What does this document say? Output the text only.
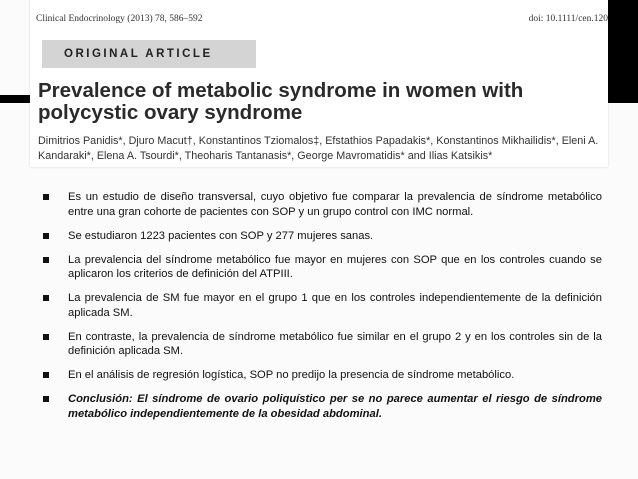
Clinical Endocrinology (2013) 78, 586–592	doi: 10.1111/cen.120
ORIGINAL ARTICLE
Prevalence of metabolic syndrome in women with polycystic ovary syndrome

Dimitrios Panidis*, Djuro Macut†, Konstantinos Tziomalos‡, Efstathios Papadakis*, Konstantinos Mikhailidis*, Eleni A. Kandaraki*, Elena A. Tsourdi*, Theoharis Tantanasis*, George Mavromatidis* and Ilias Katsikis*

Es un estudio de diseño transversal, cuyo objetivo fue comparar la prevalencia de síndrome metabólico entre una gran cohorte de pacientes con SOP y un grupo control con IMC normal.
Se estudiaron 1223 pacientes con SOP y 277 mujeres sanas.
La prevalencia del síndrome metabólico fue mayor en mujeres con SOP que en los controles cuando se aplicaron los criterios de definición del ATPIII.
La prevalencia de SM fue mayor en el grupo 1 que en los controles independientemente de la definición aplicada SM.
En contraste, la prevalencia de síndrome metabólico fue similar en el grupo 2 y en los controles sin de la definición aplicada SM.
En el análisis de regresión logística, SOP no predijo la presencia de síndrome metabólico.
Conclusión: El síndrome de ovario poliquístico per se no parece aumentar el riesgo de síndrome metabólico independientemente de la obesidad abdominal.
